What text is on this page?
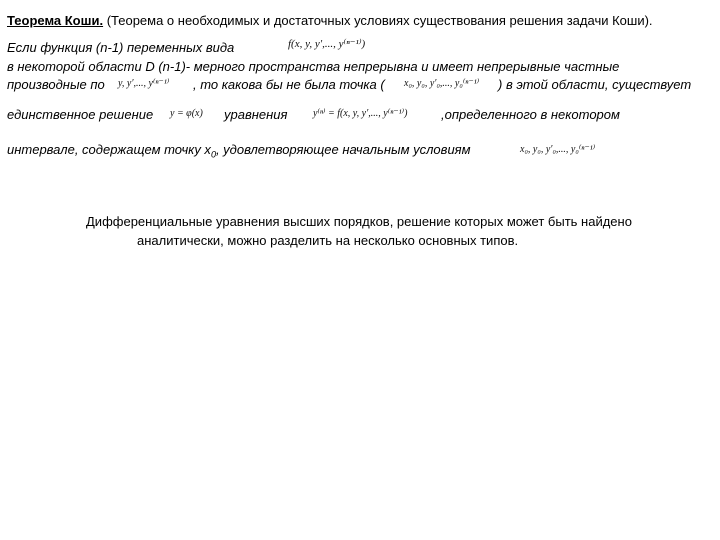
Теорема Коши. (Теорема о необходимых и достаточных условиях существования решения задачи Коши).
Если функция (n-1) переменных вида	f(x, y, y′,..., y⁽ⁿ⁻¹⁾)
в некоторой области D (n-1)- мерного пространства непрерывна и имеет непрерывные частные
производные по y, y′,..., y⁽ⁿ⁻¹⁾ , то какова бы не была точка ( x₀, y₀, y′₀,..., y₀⁽ⁿ⁻¹⁾ ) в этой области, существует
единственное решение y = φ(x) уравнения	y⁽ⁿ⁾ = f(x, y, y′,..., y⁽ⁿ⁻¹⁾)	,определенного в некотором
интервале, содержащем точку $x_0$, удовлетворяющее начальным условиям	x₀, y₀, y′₀,..., y₀⁽ⁿ⁻¹⁾
Дифференциальные уравнения высших порядков, решение которых может быть найдено
аналитически, можно разделить на несколько основных типов.
